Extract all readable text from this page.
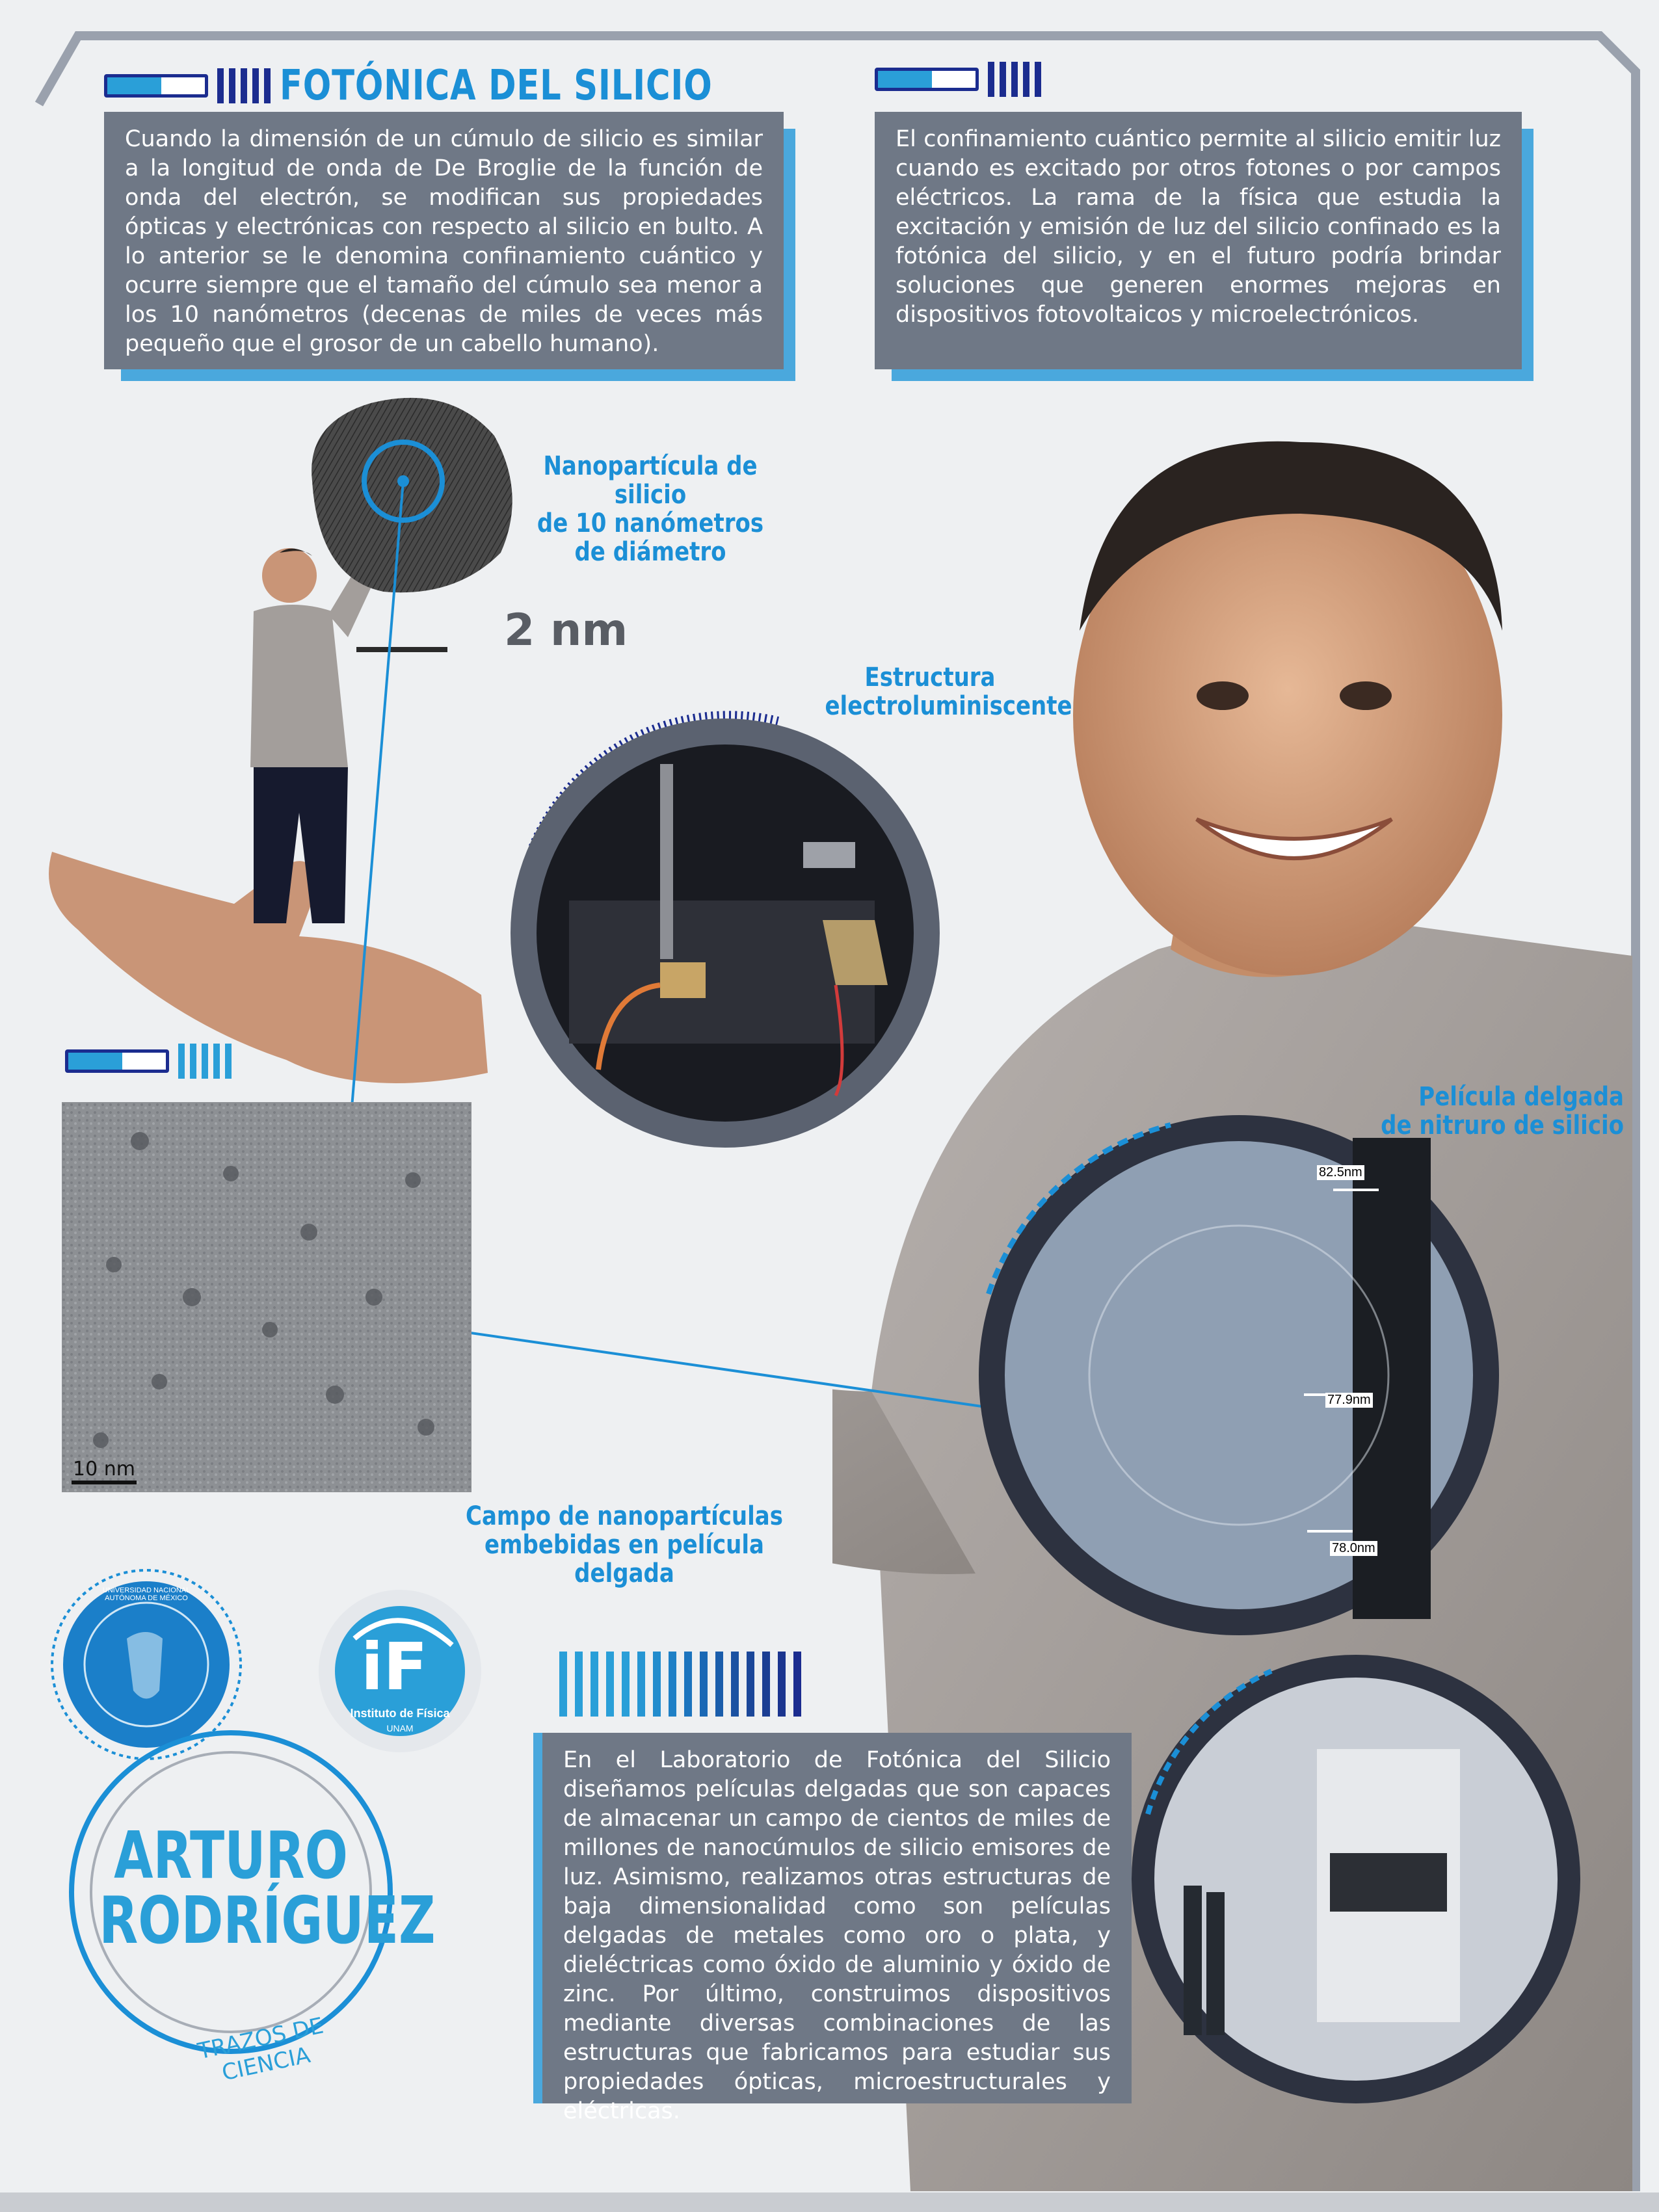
FOTÓNICA DEL SILICIO
Cuando la dimensión de un cúmulo de silicio es similar a la longitud de onda de De Broglie de la función de onda del electrón, se modifican sus propiedades ópticas y electrónicas con respecto al silicio en bulto. A lo anterior se le denomina confinamiento cuántico y ocurre siempre que el tamaño del cúmulo sea menor a los 10 nanómetros (decenas de miles de veces más pequeño que el grosor de un cabello humano).
El confinamiento cuántico permite al silicio emitir luz cuando es excitado por otros fotones o por campos eléctricos. La rama de la física que estudia la excitación y emisión de luz del silicio confinado es la fotónica del silicio, y en el futuro podría brindar soluciones que generen enormes mejoras en dispositivos fotovoltaicos y microelectrónicos.
2 nm
Nanopartícula de silicio
de 10 nanómetros
de diámetro
Estructura
electroluminiscente
10 nm
Campo de nanopartículas
embebidas en película delgada
82.5nm
77.9nm
78.0nm
Película delgada
de nitruro de silicio
UNIVERSIDAD NACIONAL AUTÓNOMA DE MÉXICO
iF
Instituto de Física
UNAM
ARTURO
RODRÍGUEZ
TRAZOS DE CIENCIA
En el Laboratorio de Fotónica del Silicio diseñamos películas delgadas que son capaces de almacenar un campo de cientos de miles de millones de nanocúmulos de silicio emisores de luz. Asimismo, realizamos otras estructuras de baja dimensionalidad como son películas delgadas de metales como oro o plata, y dieléctricas como óxido de aluminio y óxido de zinc. Por último, construimos dispositivos mediante diversas combinaciones de las estructuras que fabricamos para estudiar sus propiedades ópticas, microestructurales y eléctricas.
